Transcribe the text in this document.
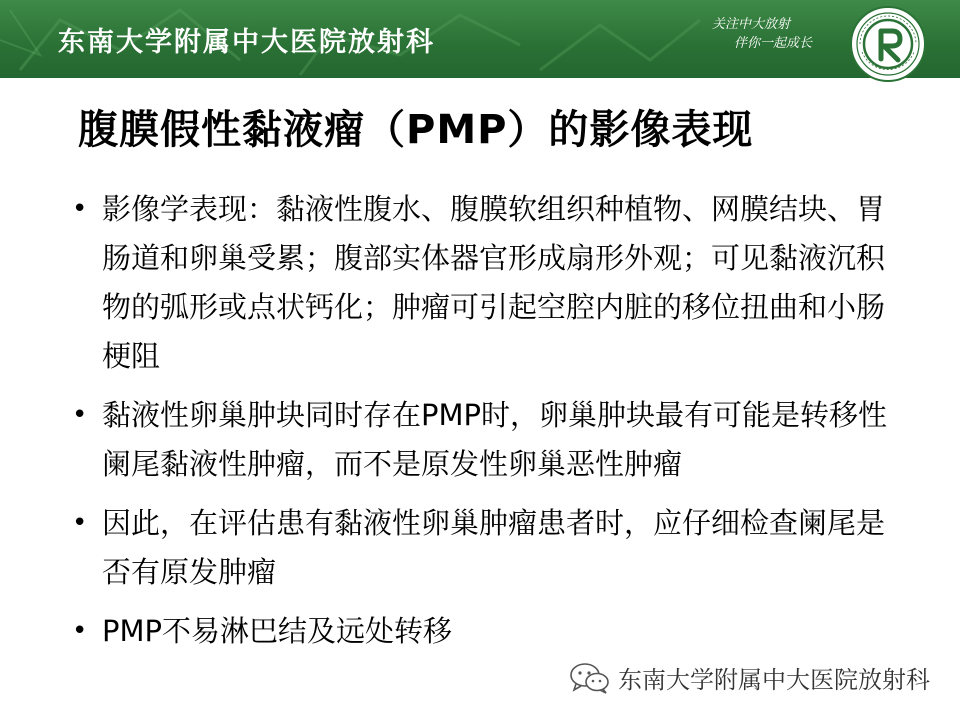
东南大学附属中大医院放射科
关注中大放射
伴你一起成长
腹膜假性黏液瘤（PMP）的影像表现
• 影像学表现：黏液性腹水、腹膜软组织种植物、网膜结块、胃肠道和卵巢受累；腹部实体器官形成扇形外观；可见黏液沉积物的弧形或点状钙化；肿瘤可引起空腔内脏的移位扭曲和小肠梗阻
• 黏液性卵巢肿块同时存在PMP时，卵巢肿块最有可能是转移性阑尾黏液性肿瘤，而不是原发性卵巢恶性肿瘤
• 因此，在评估患有黏液性卵巢肿瘤患者时，应仔细检查阑尾是否有原发肿瘤
• PMP不易淋巴结及远处转移
东南大学附属中大医院放射科
